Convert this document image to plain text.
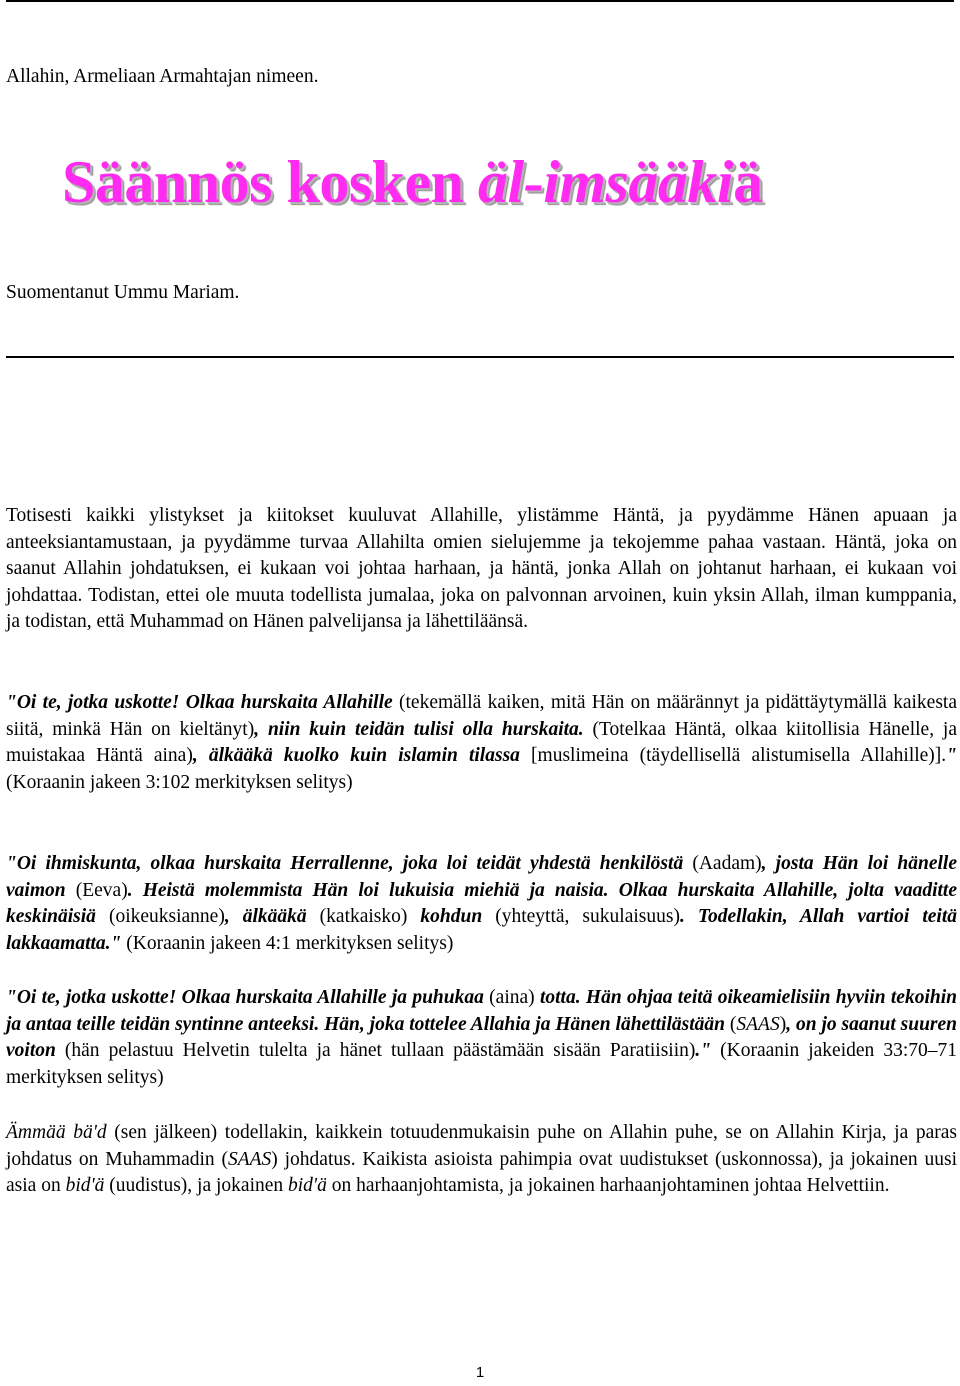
Allahin, Armeliaan Armahtajan nimeen.

Säännös kosken äl-imsääkiä

Suomentanut Ummu Mariam.

Totisesti kaikki ylistykset ja kiitokset kuuluvat Allahille, ylistämme Häntä, ja pyydämme Hänen apuaan ja anteeksiantamustaan, ja pyydämme turvaa Allahilta omien sielujemme ja tekojemme pahaa vastaan. Häntä, joka on saanut Allahin johdatuksen, ei kukaan voi johtaa harhaan, ja häntä, jonka Allah on johtanut harhaan, ei kukaan voi johdattaa. Todistan, ettei ole muuta todellista jumalaa, joka on palvonnan arvoinen, kuin yksin Allah, ilman kumppania, ja todistan, että Muhammad on Hänen palvelijansa ja lähettiläänsä.

"Oi te, jotka uskotte! Olkaa hurskaita Allahille (tekemällä kaiken, mitä Hän on määrännyt ja pidättäytymällä kaikesta siitä, minkä Hän on kieltänyt), niin kuin teidän tulisi olla hurskaita. (Totelkaa Häntä, olkaa kiitollisia Hänelle, ja muistakaa Häntä aina), älkääkä kuolko kuin islamin tilassa [muslimeina (täydellisellä alistumisella Allahille)]." (Koraanin jakeen 3:102 merkityksen selitys)

"Oi ihmiskunta, olkaa hurskaita Herrallenne, joka loi teidät yhdestä henkilöstä (Aadam), josta Hän loi hänelle vaimon (Eeva). Heistä molemmista Hän loi lukuisia miehiä ja naisia. Olkaa hurskaita Allahille, jolta vaaditte keskinäisiä (oikeuksianne), älkääkä (katkaisko) kohdun (yhteyttä, sukulaisuus). Todellakin, Allah vartioi teitä lakkaamatta." (Koraanin jakeen 4:1 merkityksen selitys)

"Oi te, jotka uskotte! Olkaa hurskaita Allahille ja puhukaa (aina) totta. Hän ohjaa teitä oikeamielisiin hyviin tekoihin ja antaa teille teidän syntinne anteeksi. Hän, joka tottelee Allahia ja Hänen lähettilästään (SAAS), on jo saanut suuren voiton (hän pelastuu Helvetin tulelta ja hänet tullaan päästämään sisään Paratiisiin)." (Koraanin jakeiden 33:70–71 merkityksen selitys)

Ämmää bä'd (sen jälkeen) todellakin, kaikkein totuudenmukaisin puhe on Allahin puhe, se on Allahin Kirja, ja paras johdatus on Muhammadin (SAAS) johdatus. Kaikista asioista pahimpia ovat uudistukset (uskonnossa), ja jokainen uusi asia on bid'ä (uudistus), ja jokainen bid'ä on harhaanjohtamista, ja jokainen harhaanjohtaminen johtaa Helvettiin.

1
